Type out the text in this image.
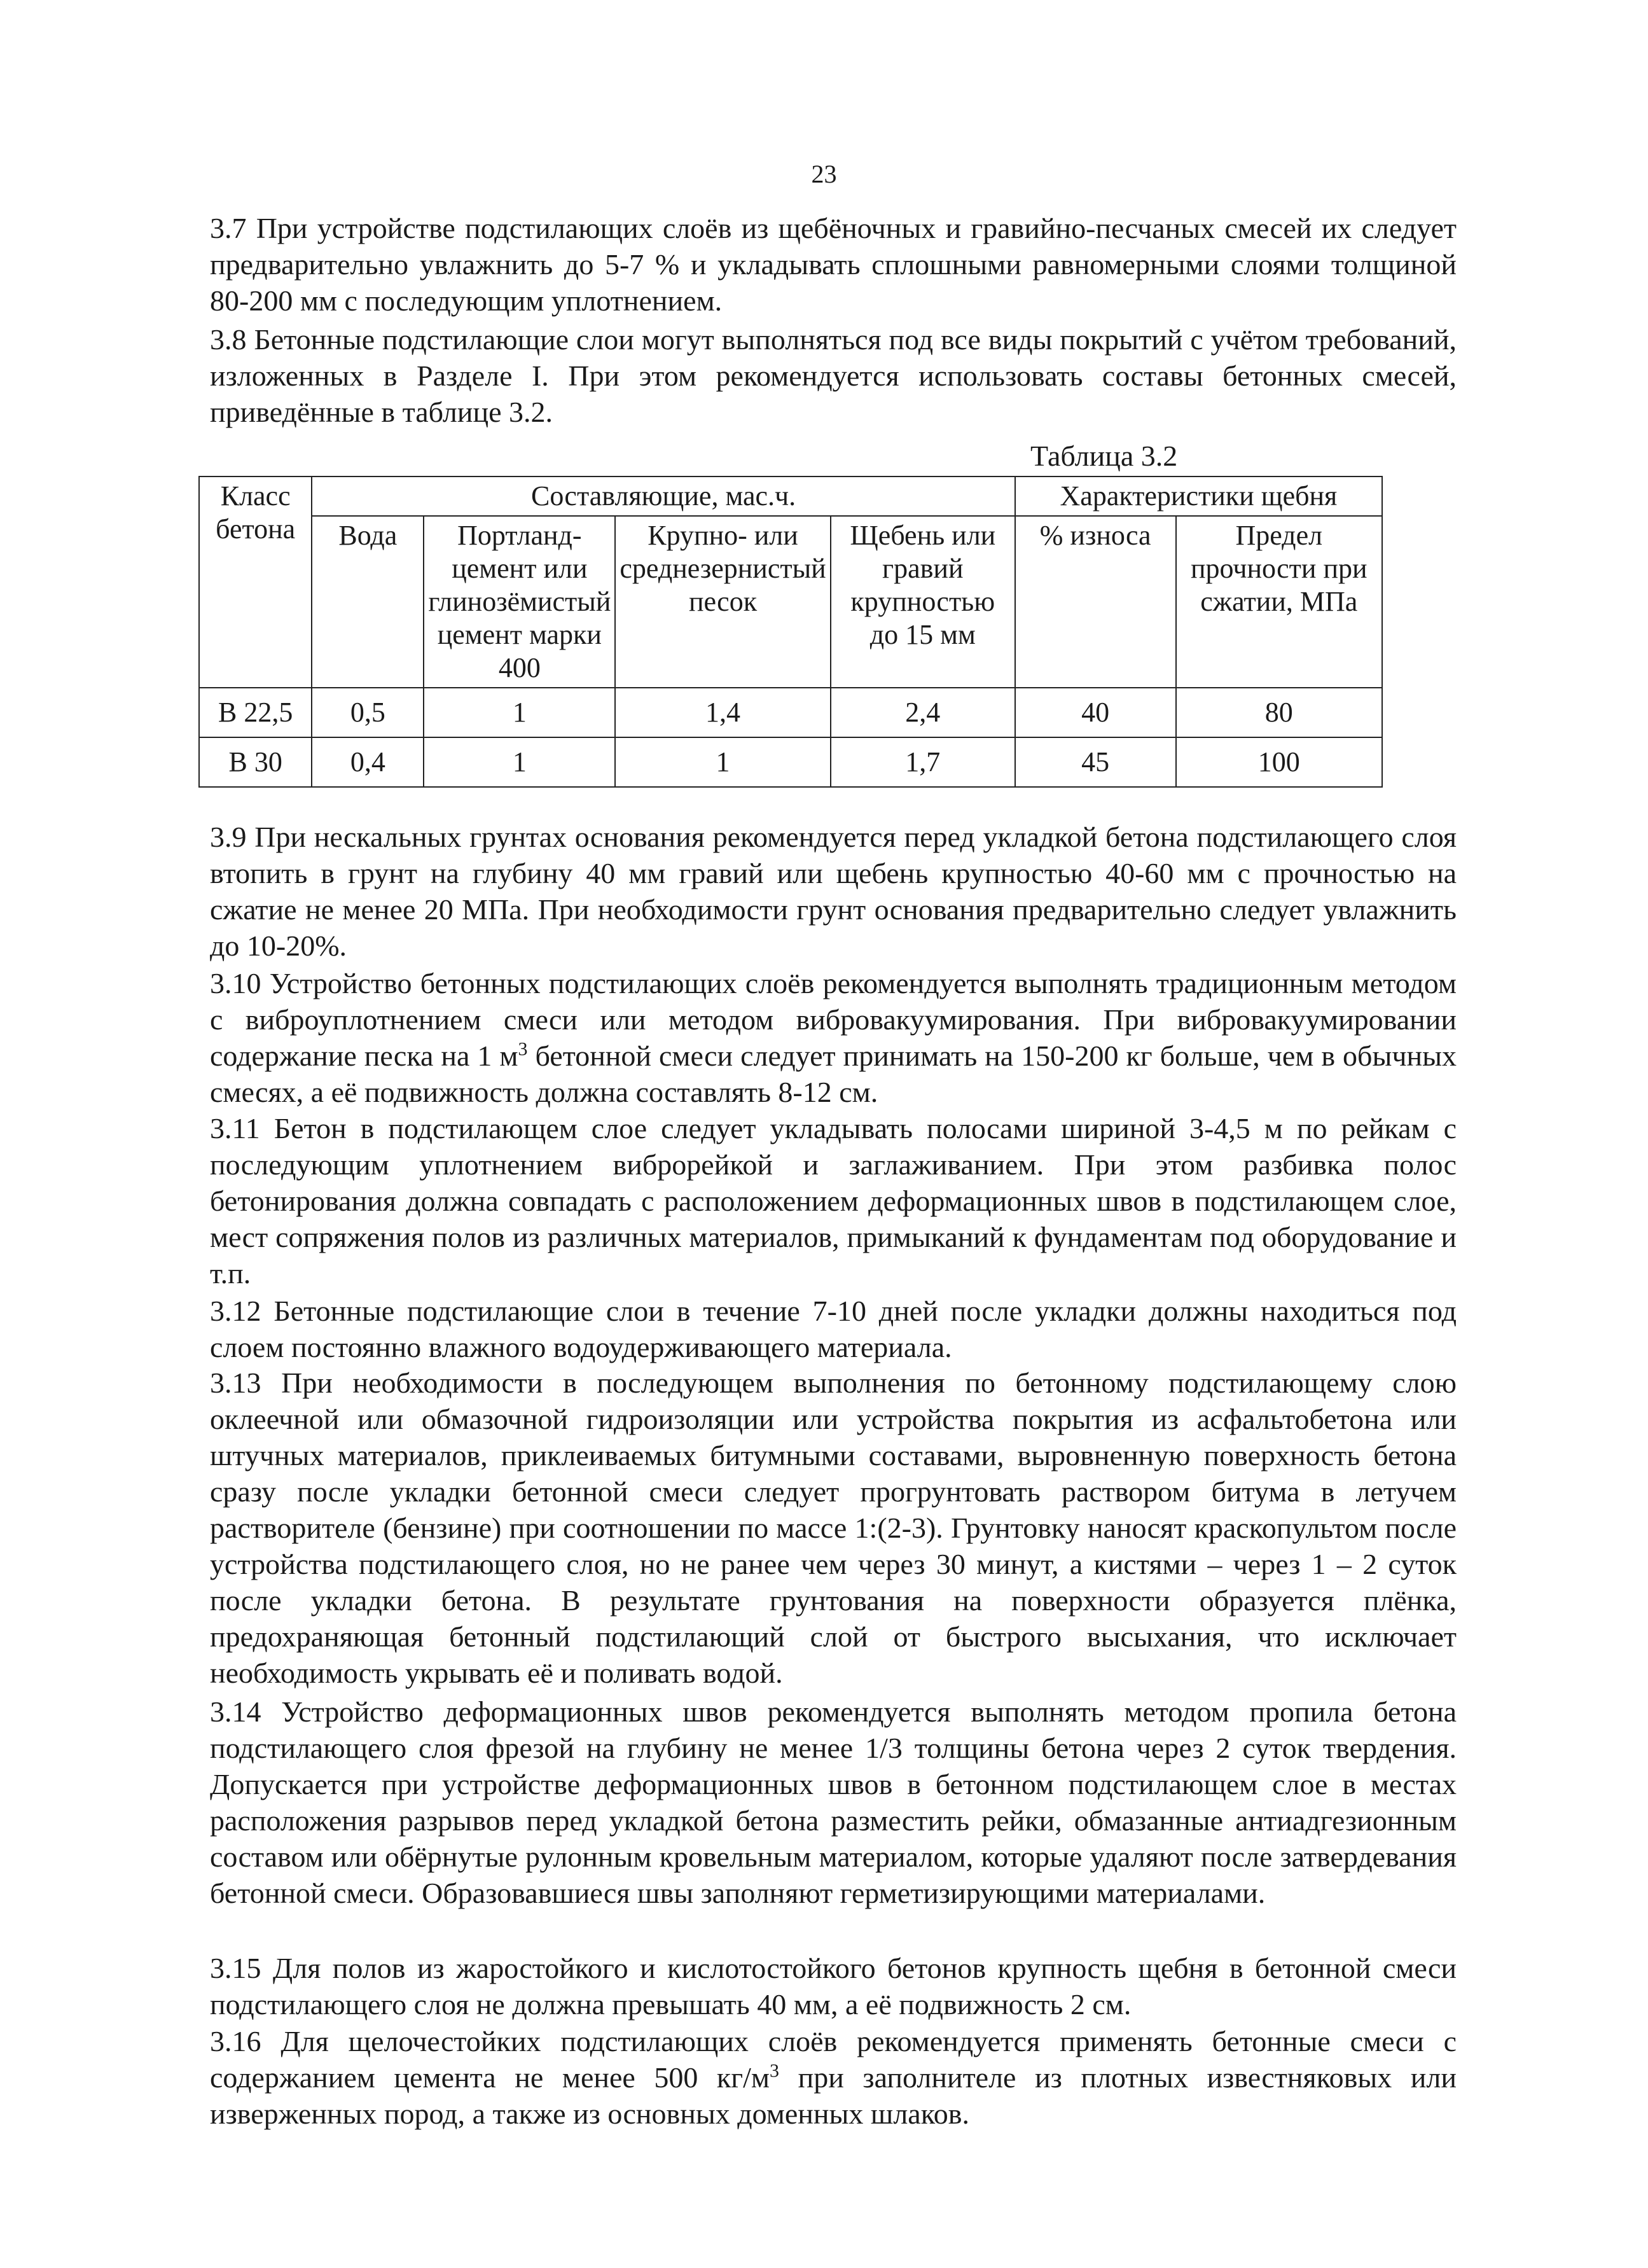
23

3.7 При устройстве подстилающих слоёв из щебёночных и гравийно-песчаных смесей их следует предварительно увлажнить до 5-7 % и укладывать сплошными равномерными слоями толщиной 80-200 мм с последующим уплотнением.

3.8 Бетонные подстилающие слои могут выполняться под все виды покрытий с учётом требований, изложенных в Разделе I. При этом рекомендуется использовать составы бетонных смесей, приведённые в таблице 3.2.

Таблица 3.2
Класс бетона	Составляющие, мас.ч.				Характеристики щебня	
	Вода	Портланд-цемент или глинозёмистый цемент марки 400	Крупно- или среднезернистый песок	Щебень или гравий крупностью до 15 мм	% износа	Предел прочности при сжатии, МПа
В 22,5	0,5	1	1,4	2,4	40	80
В 30	0,4	1	1	1,7	45	100

3.9 При нескальных грунтах основания рекомендуется перед укладкой бетона подстилающего слоя втопить в грунт на глубину 40 мм гравий или щебень крупностью 40-60 мм с прочностью на сжатие не менее 20 МПа. При необходимости грунт основания предварительно следует увлажнить до 10-20%.

3.10 Устройство бетонных подстилающих слоёв рекомендуется выполнять традиционным методом с виброуплотнением смеси или методом вибровакуумирования. При вибровакуумировании содержание песка на 1 $м^3$ бетонной смеси следует принимать на 150-200 кг больше, чем в обычных смесях, а её подвижность должна составлять 8-12 см.

3.11 Бетон в подстилающем слое следует укладывать полосами шириной 3-4,5 м по рейкам с последующим уплотнением виброрейкой и заглаживанием. При этом разбивка полос бетонирования должна совпадать с расположением деформационных швов в подстилающем слое, мест сопряжения полов из различных материалов, примыканий к фундаментам под оборудование и т.п.

3.12 Бетонные подстилающие слои в течение 7-10 дней после укладки должны находиться под слоем постоянно влажного водоудерживающего материала.

3.13 При необходимости в последующем выполнения по бетонному подстилающему слою оклеечной или обмазочной гидроизоляции или устройства покрытия из асфальтобетона или штучных материалов, приклеиваемых битумными составами, выровненную поверхность бетона сразу после укладки бетонной смеси следует прогрунтовать раствором битума в летучем растворителе (бензине) при соотношении по массе 1:(2-3). Грунтовку наносят краскопультом после устройства подстилающего слоя, но не ранее чем через 30 минут, а кистями – через 1 – 2 суток после укладки бетона. В результате грунтования на поверхности образуется плёнка, предохраняющая бетонный подстилающий слой от быстрого высыхания, что исключает необходимость укрывать её и поливать водой.

3.14 Устройство деформационных швов рекомендуется выполнять методом пропила бетона подстилающего слоя фрезой на глубину не менее 1/3 толщины бетона через 2 суток твердения. Допускается при устройстве деформационных швов в бетонном подстилающем слое в местах расположения разрывов перед укладкой бетона разместить рейки, обмазанные антиадгезионным составом или обёрнутые рулонным кровельным материалом, которые удаляют после затвердевания бетонной смеси. Образовавшиеся швы заполняют герметизирующими материалами.

3.15 Для полов из жаростойкого и кислотостойкого бетонов крупность щебня в бетонной смеси подстилающего слоя не должна превышать 40 мм, а её подвижность 2 см.

3.16 Для щелочестойких подстилающих слоёв рекомендуется применять бетонные смеси с содержанием цемента не менее 500 $кг/м^3$ при заполнителе из плотных известняковых или изверженных пород, а также из основных доменных шлаков.
